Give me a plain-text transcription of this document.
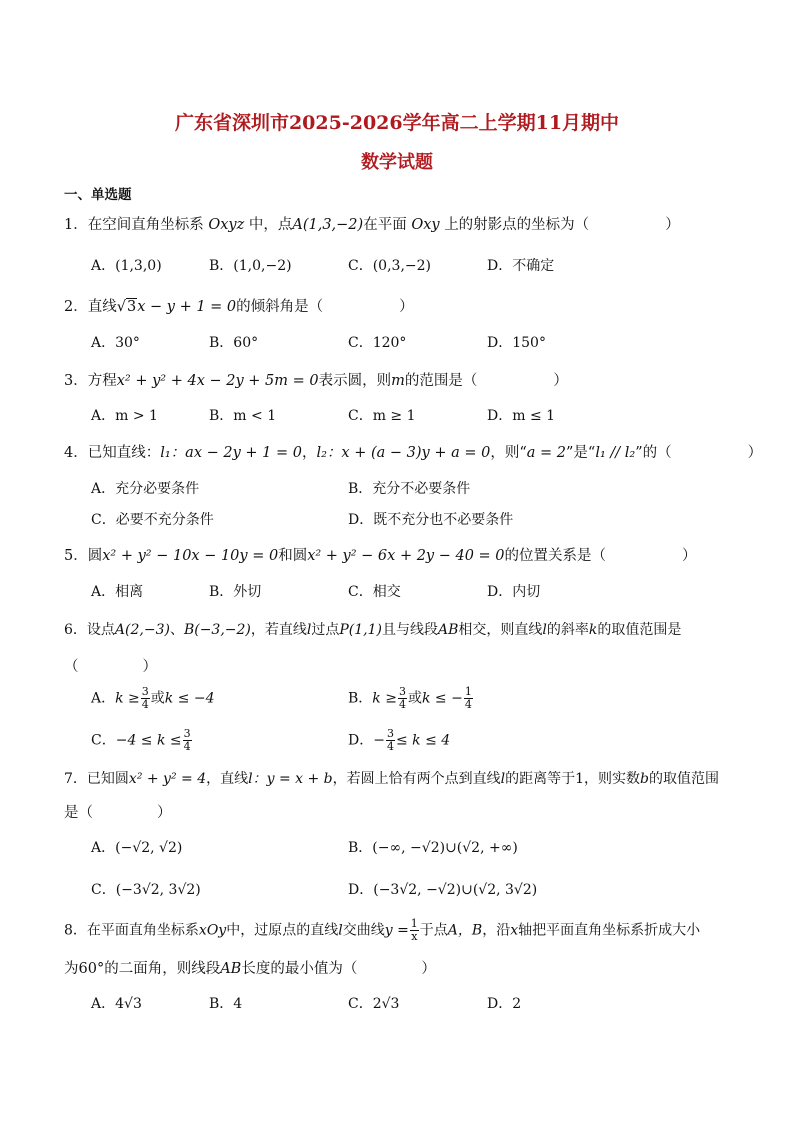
广东省深圳市2025-2026学年高二上学期11月期中
数学试题
一、单选题
1．在空间直角坐标系 Oxyz 中，点A(1,3,−2)在平面 Oxy 上的射影点的坐标为（	）
A．(1,3,0)	B．(1,0,−2)	C．(0,3,−2)	D．不确定
2．直线√3x − y + 1 = 0的倾斜角是（	）
A．30°	B．60°	C．120°	D．150°
3．方程x² + y² + 4x − 2y + 5m = 0表示圆，则m的范围是（	）
A．m > 1	B．m < 1	C．m ≥ 1	D．m ≤ 1
4．已知直线：l₁：ax − 2y + 1 = 0，l₂：x + (a − 3)y + a = 0，则“a = 2”是“l₁ // l₂”的（	）
A．充分必要条件	B．充分不必要条件
C．必要不充分条件	D．既不充分也不必要条件
5．圆x² + y² − 10x − 10y = 0和圆x² + y² − 6x + 2y − 40 = 0的位置关系是（	）
A．相离	B．外切	C．相交	D．内切
6．设点A(2,−3)、B(−3,−2)，若直线l过点P(1,1)且与线段AB相交，则直线l的斜率k的取值范围是
（	）
A．$k \ge \frac{3}{4}$ 或k ≤ −4	B．$k \ge \frac{3}{4}$ 或k ≤ − $\frac{1}{4}$
C．$-4 \le k \le \frac{3}{4}$	D．− $\frac{3}{4} \le k \le 4$
7．已知圆x² + y² = 4，直线l：y = x + b，若圆上恰有两个点到直线l的距离等于1，则实数b的取值范围
是（	）
A．(−√2, √2)	B．(−∞, −√2)∪(√2, +∞)
C．(−3√2, 3√2)	D．(−3√2, −√2)∪(√2, 3√2)
8．在平面直角坐标系xOy中，过原点的直线l交曲线$y = \frac{1}{x}$ 于点A，B，沿x轴把平面直角坐标系折成大小
为60°的二面角，则线段AB长度的最小值为（	）
A．4√3	B．4	C．2√3	D．2
